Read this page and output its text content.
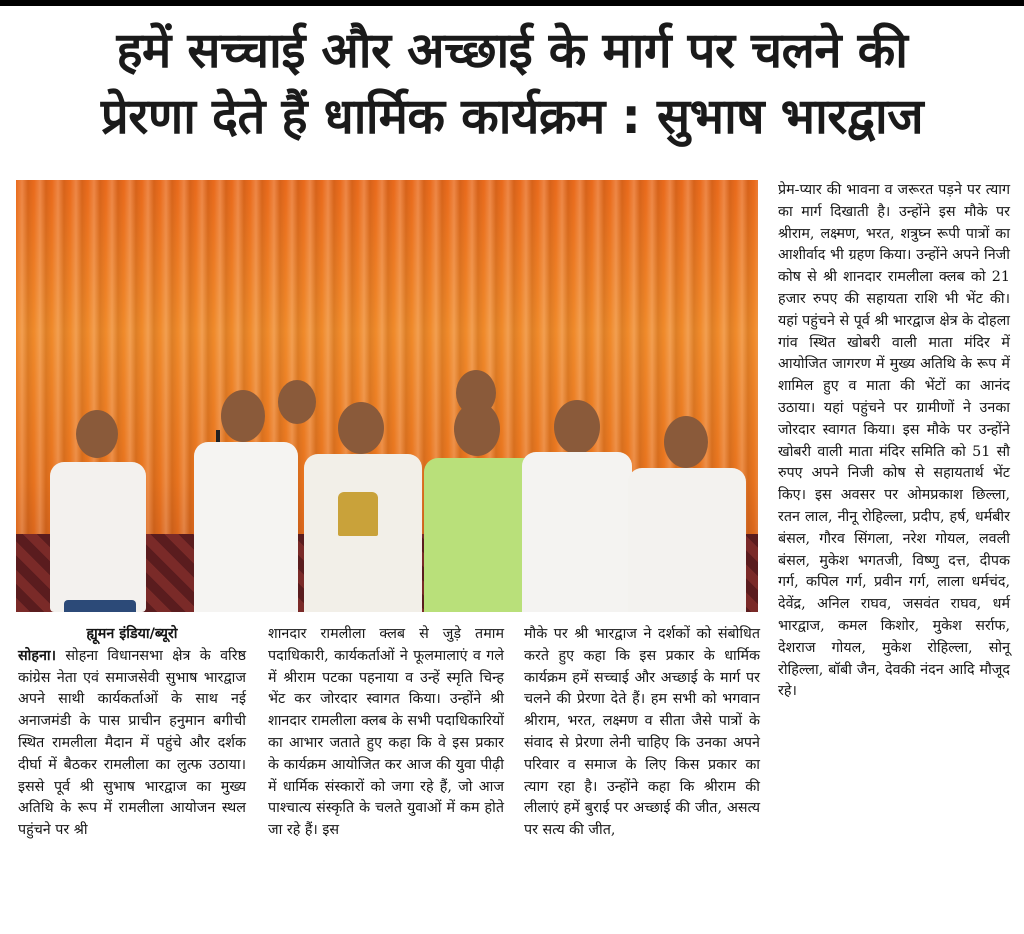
हमें सच्चाई और अच्छाई के मार्ग पर चलने की
प्रेरणा देते हैं धार्मिक कार्यक्रम : सुभाष भारद्वाज

ह्यूमन इंडिया/ब्यूरो

सोहना। सोहना विधानसभा क्षेत्र के वरिष्ठ कांग्रेस नेता एवं समाजसेवी सुभाष भारद्वाज अपने साथी कार्यकर्ताओं के साथ नई अनाजमंडी के पास प्राचीन हनुमान बगीची स्थित रामलीला मैदान में पहुंचे और दर्शक दीर्घा में बैठकर रामलीला का लुत्फ उठाया। इससे पूर्व श्री सुभाष भारद्वाज का मुख्य अतिथि के रूप में रामलीला आयोजन स्थल पहुंचने पर श्री

शानदार रामलीला क्लब से जुड़े तमाम पदाधिकारी, कार्यकर्ताओं ने फूलमालाएं व गले में श्रीराम पटका पहनाया व उन्हें स्मृति चिन्ह भेंट कर जोरदार स्वागत किया। उन्होंने श्री शानदार रामलीला क्लब के सभी पदाधिकारियों का आभार जताते हुए कहा कि वे इस प्रकार के कार्यक्रम आयोजित कर आज की युवा पीढ़ी में धार्मिक संस्कारों को जगा रहे हैं, जो आज पाश्चात्य संस्कृति के चलते युवाओं में कम होते जा रहे हैं। इस

मौके पर श्री भारद्वाज ने दर्शकों को संबोधित करते हुए कहा कि इस प्रकार के धार्मिक कार्यक्रम हमें सच्चाई और अच्छाई के मार्ग पर चलने की प्रेरणा देते हैं। हम सभी को भगवान श्रीराम, भरत, लक्ष्मण व सीता जैसे पात्रों के संवाद से प्रेरणा लेनी चाहिए कि उनका अपने परिवार व समाज के लिए किस प्रकार का त्याग रहा है। उन्होंने कहा कि श्रीराम की लीलाएं हमें बुराई पर अच्छाई की जीत, असत्य पर सत्य की जीत,

प्रेम-प्यार की भावना व जरूरत पड़ने पर त्याग का मार्ग दिखाती है। उन्होंने इस मौके पर श्रीराम, लक्ष्मण, भरत, शत्रुघ्न रूपी पात्रों का आशीर्वाद भी ग्रहण किया। उन्होंने अपने निजी कोष से श्री शानदार रामलीला क्लब को 21 हजार रुपए की सहायता राशि भी भेंट की। यहां पहुंचने से पूर्व श्री भारद्वाज क्षेत्र के दोहला गांव स्थित खोबरी वाली माता मंदिर में आयोजित जागरण में मुख्य अतिथि के रूप में शामिल हुए व माता की भेंटों का आनंद उठाया। यहां पहुंचने पर ग्रामीणों ने उनका जोरदार स्वागत किया। इस मौके पर उन्होंने खोबरी वाली माता मंदिर समिति को 51 सौ रुपए अपने निजी कोष से सहायतार्थ भेंट किए। इस अवसर पर ओमप्रकाश छिल्ला, रतन लाल, नीनू रोहिल्ला, प्रदीप, हर्ष, धर्मबीर बंसल, गौरव सिंगला, नरेश गोयल, लवली बंसल, मुकेश भगतजी, विष्णु दत्त, दीपक गर्ग, कपिल गर्ग, प्रवीन गर्ग, लाला धर्मचंद, देवेंद्र, अनिल राघव, जसवंत राघव, धर्म भारद्वाज, कमल किशोर, मुकेश सर्राफ, देशराज गोयल, मुकेश रोहिल्ला, सोनू रोहिल्ला, बॉबी जैन, देवकी नंदन आदि मौजूद रहे।
